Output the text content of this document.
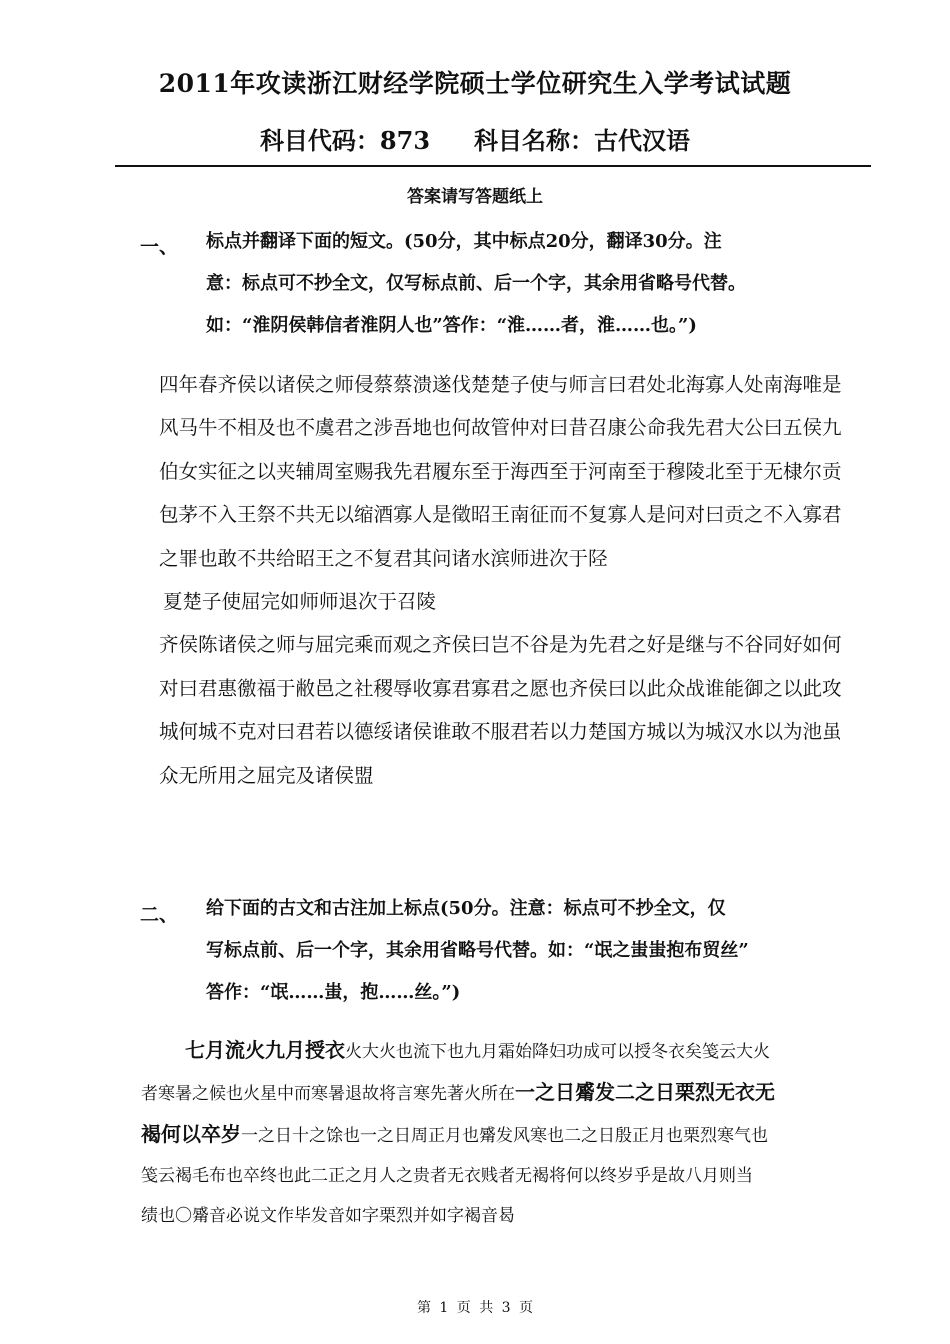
2011年攻读浙江财经学院硕士学位研究生入学考试试题
科目代码：873 科目名称：古代汉语
答案请写答题纸上
一、 标点并翻译下面的短文。(50分，其中标点20分，翻译30分。注

意：标点可不抄全文，仅写标点前、后一个字，其余用省略号代替。

如：“淮阴侯韩信者淮阴人也”答作：“淮……者，淮……也。”)

四年春齐侯以诸侯之师侵蔡蔡溃遂伐楚楚子使与师言曰君处北海寡人处南海唯是风马牛不相及也不虞君之涉吾地也何故管仲对曰昔召康公命我先君大公曰五侯九伯女实征之以夹辅周室赐我先君履东至于海西至于河南至于穆陵北至于无棣尔贡包茅不入王祭不共无以缩酒寡人是徵昭王南征而不复寡人是问对曰贡之不入寡君之罪也敢不共给昭王之不复君其问诸水滨师进次于陉

夏楚子使屈完如师师退次于召陵

齐侯陈诸侯之师与屈完乘而观之齐侯曰岂不谷是为先君之好是继与不谷同好如何对曰君惠徼福于敝邑之社稷辱收寡君寡君之愿也齐侯曰以此众战谁能御之以此攻城何城不克对曰君若以德绥诸侯谁敢不服君若以力楚国方城以为城汉水以为池虽众无所用之屈完及诸侯盟

二、 给下面的古文和古注加上标点(50分。注意：标点可不抄全文，仅

写标点前、后一个字，其余用省略号代替。如：“氓之蚩蚩抱布贸丝”

答作：“氓……蚩，抱……丝。”)

七月流火九月授衣火大火也流下也九月霜始降妇功成可以授冬衣矣笺云大火

者寒暑之候也火星中而寒暑退故将言寒先著火所在一之日觱发二之日栗烈无衣无

褐何以卒岁一之日十之馀也一之日周正月也觱发风寒也二之日殷正月也栗烈寒气也

笺云褐毛布也卒终也此二正之月人之贵者无衣贱者无褐将何以终岁乎是故八月则当

绩也〇觱音必说文作毕发音如字栗烈并如字褐音曷

第 1 页 共 3 页
